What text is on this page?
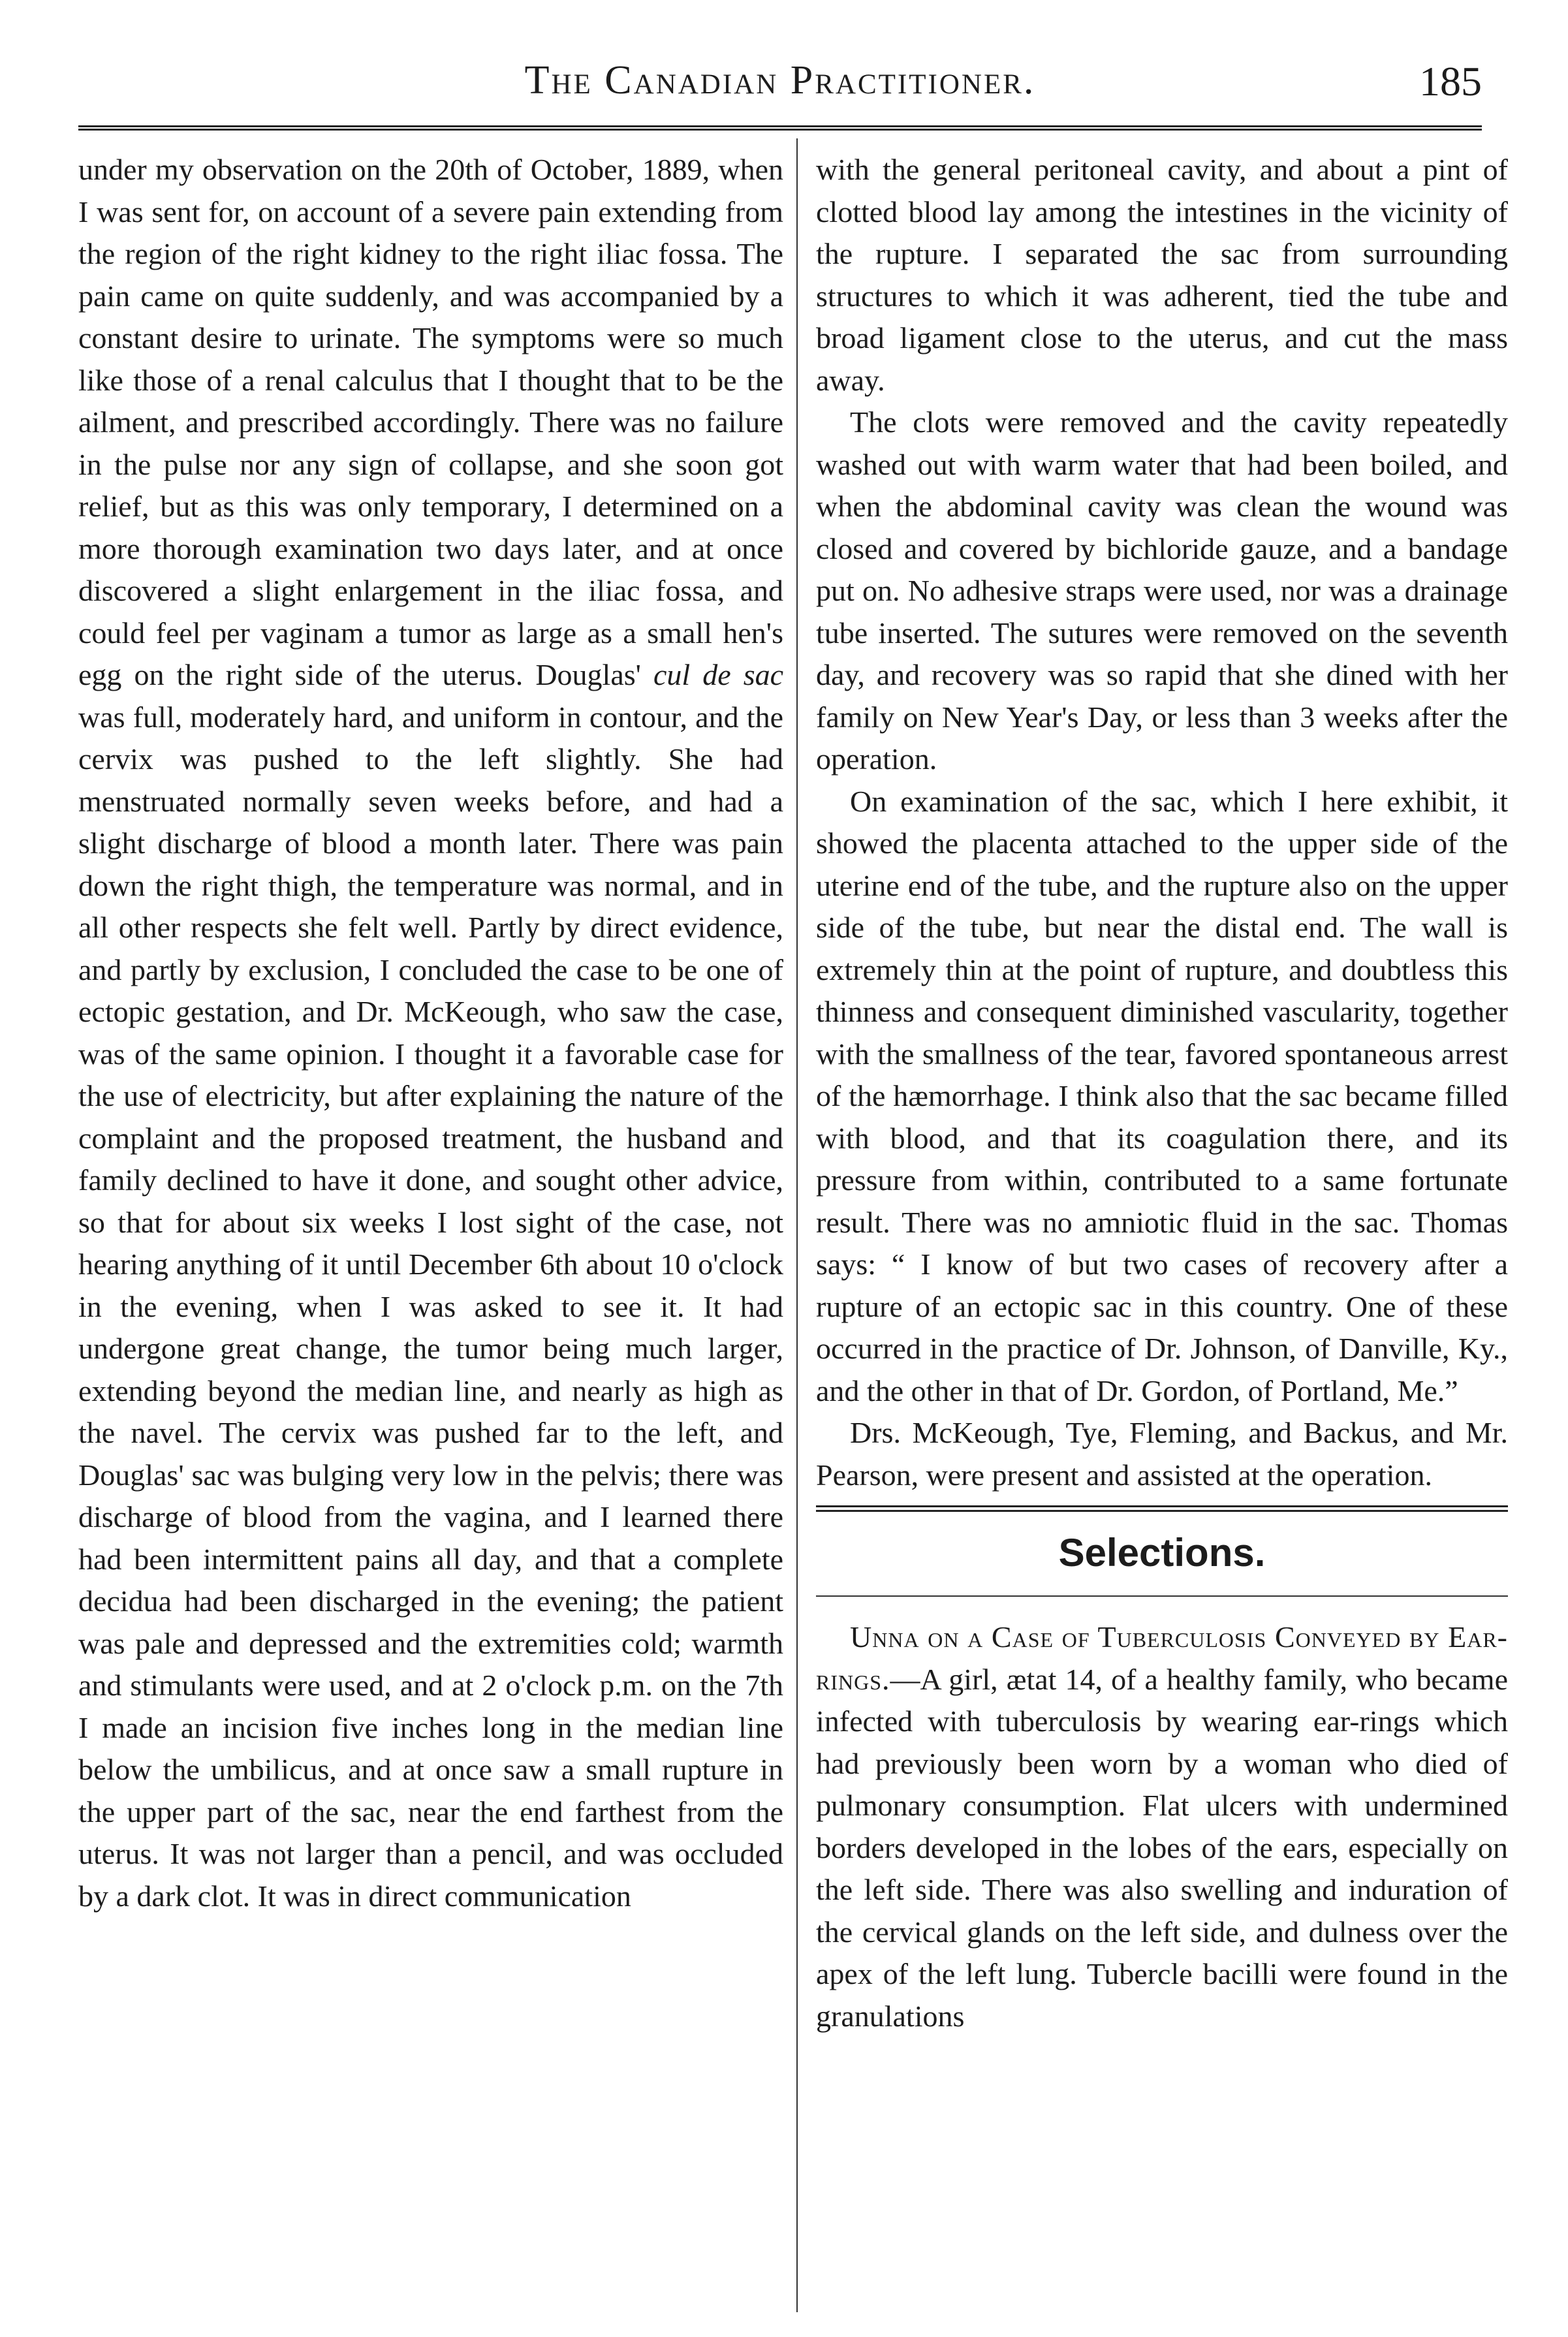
The Canadian Practitioner.	185

under my observation on the 20th of October, 1889, when I was sent for, on account of a severe pain extending from the region of the right kidney to the right iliac fossa. The pain came on quite suddenly, and was accompanied by a constant desire to urinate. The symptoms were so much like those of a renal calculus that I thought that to be the ailment, and prescribed accordingly. There was no failure in the pulse nor any sign of collapse, and she soon got relief, but as this was only temporary, I determined on a more thorough examination two days later, and at once discovered a slight enlargement in the iliac fossa, and could feel per vaginam a tumor as large as a small hen's egg on the right side of the uterus. Douglas' cul de sac was full, moderately hard, and uniform in contour, and the cervix was pushed to the left slightly. She had menstruated normally seven weeks before, and had a slight discharge of blood a month later. There was pain down the right thigh, the temperature was normal, and in all other respects she felt well. Partly by direct evidence, and partly by exclusion, I concluded the case to be one of ectopic gestation, and Dr. McKeough, who saw the case, was of the same opinion. I thought it a favorable case for the use of electricity, but after explaining the nature of the complaint and the proposed treatment, the husband and family declined to have it done, and sought other advice, so that for about six weeks I lost sight of the case, not hearing anything of it until December 6th about 10 o'clock in the evening, when I was asked to see it. It had undergone great change, the tumor being much larger, extending beyond the median line, and nearly as high as the navel. The cervix was pushed far to the left, and Douglas' sac was bulging very low in the pelvis; there was discharge of blood from the vagina, and I learned there had been intermittent pains all day, and that a complete decidua had been discharged in the evening; the patient was pale and depressed and the extremities cold; warmth and stimulants were used, and at 2 o'clock p.m. on the 7th I made an incision five inches long in the median line below the umbilicus, and at once saw a small rupture in the upper part of the sac, near the end farthest from the uterus. It was not larger than a pencil, and was occluded by a dark clot. It was in direct communication

with the general peritoneal cavity, and about a pint of clotted blood lay among the intestines in the vicinity of the rupture. I separated the sac from surrounding structures to which it was adherent, tied the tube and broad ligament close to the uterus, and cut the mass away.

The clots were removed and the cavity repeatedly washed out with warm water that had been boiled, and when the abdominal cavity was clean the wound was closed and covered by bichloride gauze, and a bandage put on. No adhesive straps were used, nor was a drainage tube inserted. The sutures were removed on the seventh day, and recovery was so rapid that she dined with her family on New Year's Day, or less than 3 weeks after the operation.

On examination of the sac, which I here exhibit, it showed the placenta attached to the upper side of the uterine end of the tube, and the rupture also on the upper side of the tube, but near the distal end. The wall is extremely thin at the point of rupture, and doubtless this thinness and consequent diminished vascularity, together with the smallness of the tear, favored spontaneous arrest of the hæmorrhage. I think also that the sac became filled with blood, and that its coagulation there, and its pressure from within, contributed to a same fortunate result. There was no amniotic fluid in the sac. Thomas says: “ I know of but two cases of recovery after a rupture of an ectopic sac in this country. One of these occurred in the practice of Dr. Johnson, of Danville, Ky., and the other in that of Dr. Gordon, of Portland, Me.”

Drs. McKeough, Tye, Fleming, and Backus, and Mr. Pearson, were present and assisted at the operation.

Selections.

Unna on a Case of Tuberculosis Conveyed by Ear-rings.—A girl, ætat 14, of a healthy family, who became infected with tuberculosis by wearing ear-rings which had previously been worn by a woman who died of pulmonary consumption. Flat ulcers with undermined borders developed in the lobes of the ears, especially on the left side. There was also swelling and induration of the cervical glands on the left side, and dulness over the apex of the left lung. Tubercle bacilli were found in the granulations
